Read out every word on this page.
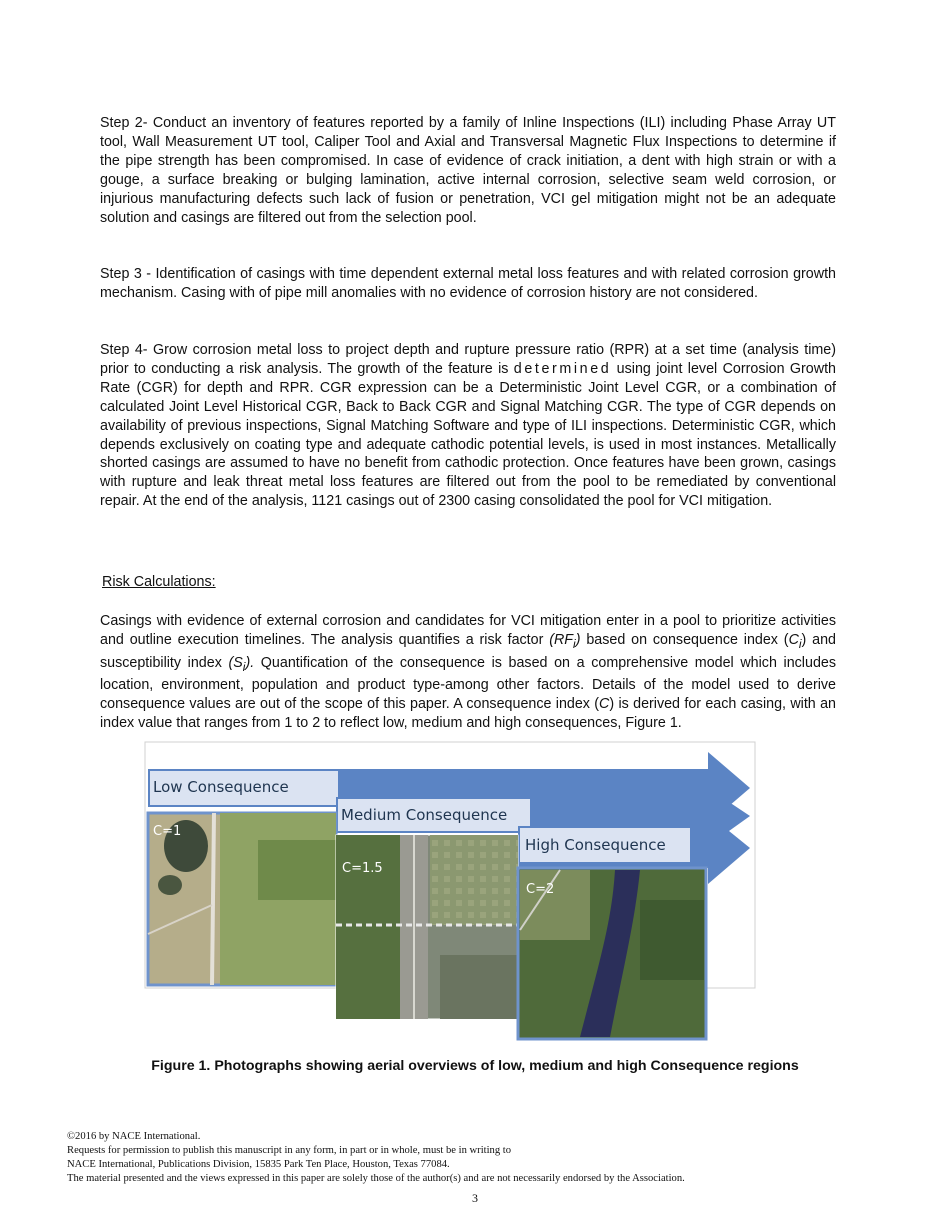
Step 2- Conduct an inventory of features reported by a family of Inline Inspections (ILI) including Phase Array UT tool, Wall Measurement UT tool, Caliper Tool and Axial and Transversal Magnetic Flux Inspections to determine if the pipe strength has been compromised. In case of evidence of crack initiation, a dent with high strain or with a gouge, a surface breaking or bulging lamination, active internal corrosion, selective seam weld corrosion, or injurious manufacturing defects such lack of fusion or penetration, VCI gel mitigation might not be an adequate solution and casings are filtered out from the selection pool.

Step 3 - Identification of casings with time dependent external metal loss features and with related corrosion growth mechanism. Casing with of pipe mill anomalies with no evidence of corrosion history are not considered.

Step 4- Grow corrosion metal loss to project depth and rupture pressure ratio (RPR) at a set time (analysis time) prior to conducting a risk analysis. The growth of the feature is determined using joint level Corrosion Growth Rate (CGR) for depth and RPR. CGR expression can be a Deterministic Joint Level CGR, or a combination of calculated Joint Level Historical CGR, Back to Back CGR and Signal Matching CGR. The type of CGR depends on availability of previous inspections, Signal Matching Software and type of ILI inspections. Deterministic CGR, which depends exclusively on coating type and adequate cathodic potential levels, is used in most instances. Metallically shorted casings are assumed to have no benefit from cathodic protection. Once features have been grown, casings with rupture and leak threat metal loss features are filtered out from the pool to be remediated by conventional repair. At the end of the analysis, 1121 casings out of 2300 casing consolidated the pool for VCI mitigation.

Risk Calculations:

Casings with evidence of external corrosion and candidates for VCI mitigation enter in a pool to prioritize activities and outline execution timelines. The analysis quantifies a risk factor $(RF_i)$ based on consequence index $(C_i)$ and susceptibility index $(S_i)$. Quantification of the consequence is based on a comprehensive model which includes location, environment, population and product type-among other factors. Details of the model used to derive consequence values are out of the scope of this paper. A consequence index (C) is derived for each casing, with an index value that ranges from 1 to 2 to reflect low, medium and high consequences, Figure 1.

Low Consequence
Medium Consequence
High Consequence
C=1
C=1.5
C=2

Figure 1. Photographs showing aerial overviews of low, medium and high Consequence regions

©2016 by NACE International.
Requests for permission to publish this manuscript in any form, in part or in whole, must be in writing to
NACE International, Publications Division, 15835 Park Ten Place, Houston, Texas 77084.
The material presented and the views expressed in this paper are solely those of the author(s) and are not necessarily endorsed by the Association.
3
